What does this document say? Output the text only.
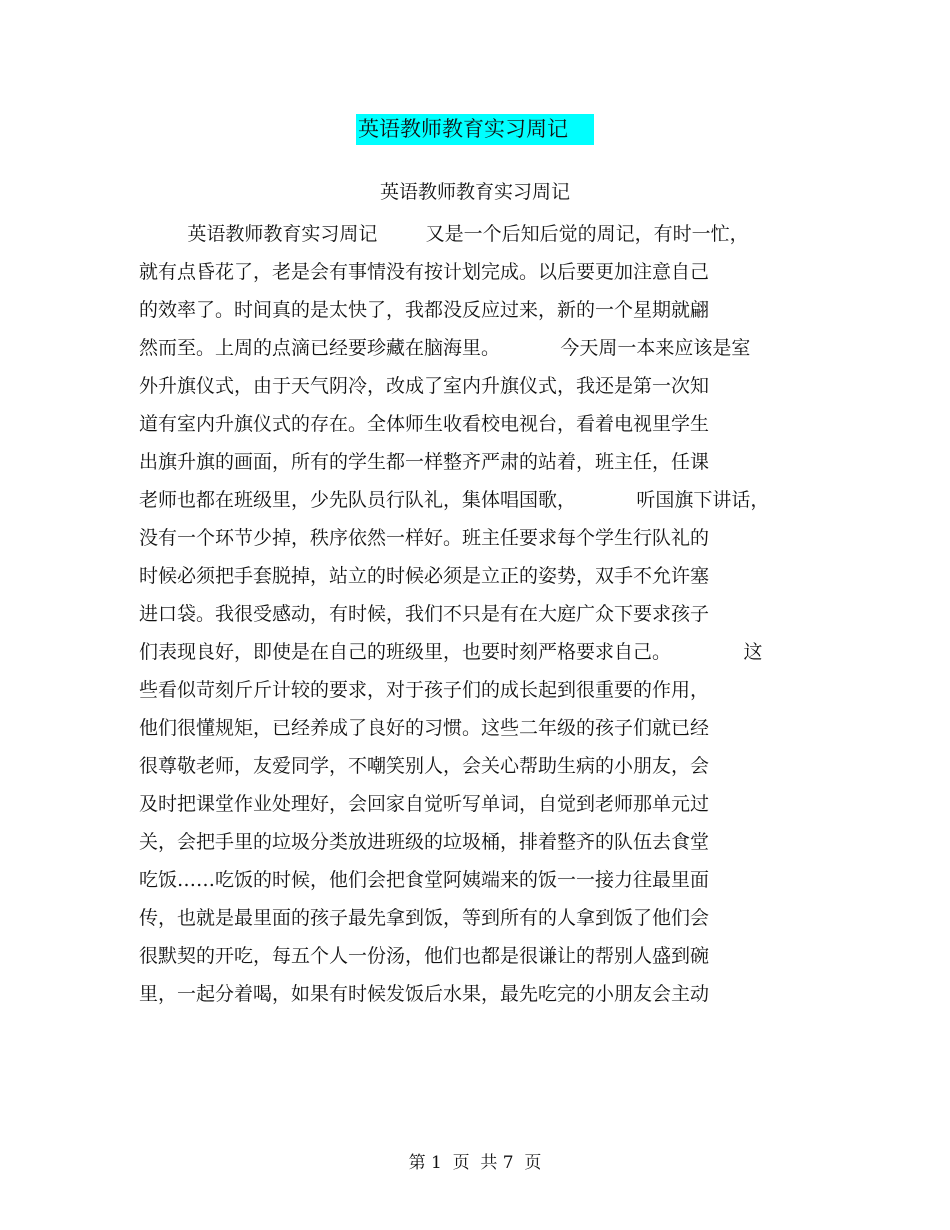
英语教师教育实习周记
英语教师教育实习周记
英语教师教育实习周记        又是一个后知后觉的周记，有时一忙，
就有点昏花了，老是会有事情没有按计划完成。以后要更加注意自己
的效率了。时间真的是太快了，我都没反应过来，新的一个星期就翩
然而至。上周的点滴已经要珍藏在脑海里。          今天周一本来应该是室
外升旗仪式，由于天气阴冷，改成了室内升旗仪式，我还是第一次知
道有室内升旗仪式的存在。全体师生收看校电视台，看着电视里学生
出旗升旗的画面，所有的学生都一样整齐严肃的站着，班主任，任课
老师也都在班级里，少先队员行队礼，集体唱国歌，          听国旗下讲话，
没有一个环节少掉，秩序依然一样好。班主任要求每个学生行队礼的
时候必须把手套脱掉，站立的时候必须是立正的姿势，双手不允许塞
进口袋。我很受感动，有时候，我们不只是有在大庭广众下要求孩子
们表现良好，即使是在自己的班级里，也要时刻严格要求自己。            这
些看似苛刻斤斤计较的要求，对于孩子们的成长起到很重要的作用，
他们很懂规矩，已经养成了良好的习惯。这些二年级的孩子们就已经
很尊敬老师，友爱同学，不嘲笑别人，会关心帮助生病的小朋友，会
及时把课堂作业处理好，会回家自觉听写单词，自觉到老师那单元过
关，会把手里的垃圾分类放进班级的垃圾桶，排着整齐的队伍去食堂
吃饭……吃饭的时候，他们会把食堂阿姨端来的饭一一接力往最里面
传，也就是最里面的孩子最先拿到饭，等到所有的人拿到饭了他们会
很默契的开吃，每五个人一份汤，他们也都是很谦让的帮别人盛到碗
里，一起分着喝，如果有时候发饭后水果，最先吃完的小朋友会主动
第 1  页  共 7  页
